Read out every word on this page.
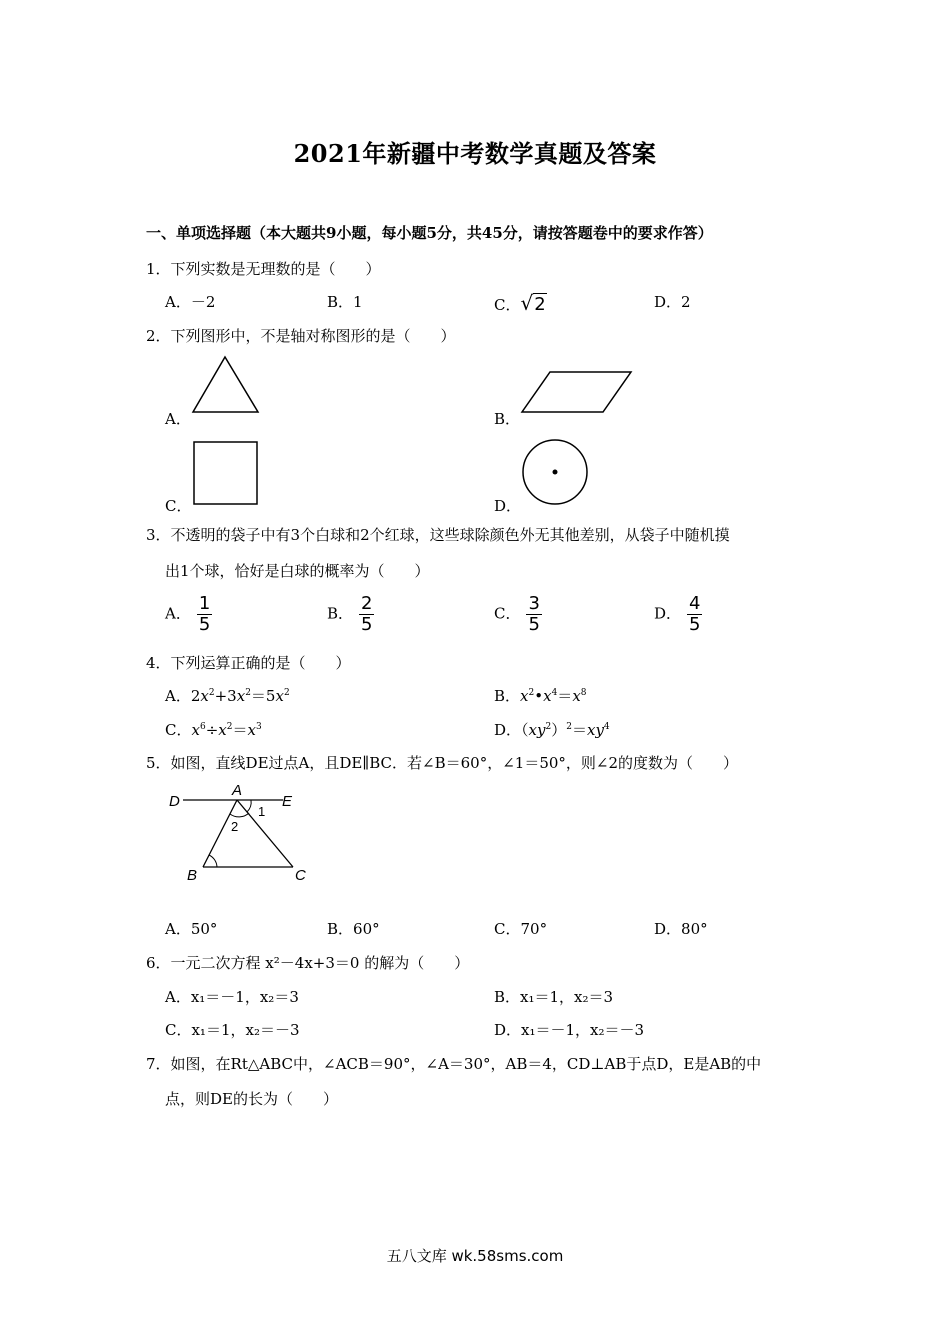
2021年新疆中考数学真题及答案
一、单项选择题（本大题共9小题，每小题5分，共45分，请按答题卷中的要求作答）
1．下列实数是无理数的是（　　）
A．－2	B．1	C．√2	D．2
2．下列图形中，不是轴对称图形的是（　　）
A．	B．
C．	D．
3．不透明的袋子中有3个白球和2个红球，这些球除颜色外无其他差别，从袋子中随机摸
出1个球，恰好是白球的概率为（　　）
A． $\frac{1}{5}$	B． $\frac{2}{5}$	C． $\frac{3}{5}$	D． $\frac{4}{5}$
4．下列运算正确的是（　　）
A．$2x^2+3x^2=5x^2$	B．$x^2•x^4=x^8$
C．$x^6\div x^2=x^3$	D．$(xy^2)^2=xy^4$
5．如图，直线DE过点A，且DE∥BC．若∠B＝60°，∠1＝50°，则∠2的度数为（　　）
D
A
E
1
2
B	C
A．50°	B．60°	C．70°	D．80°
6．一元二次方程 x²－4x+3＝0 的解为（　　）
A．x₁＝－1，x₂＝3	B．x₁＝1，x₂＝3
C．x₁＝1，x₂＝－3	D．x₁＝－1，x₂＝－3
7．如图，在Rt△ABC中，∠ACB＝90°，∠A＝30°，AB＝4，CD⊥AB于点D，E是AB的中
点，则DE的长为（　　）
五八文库 wk.58sms.com
